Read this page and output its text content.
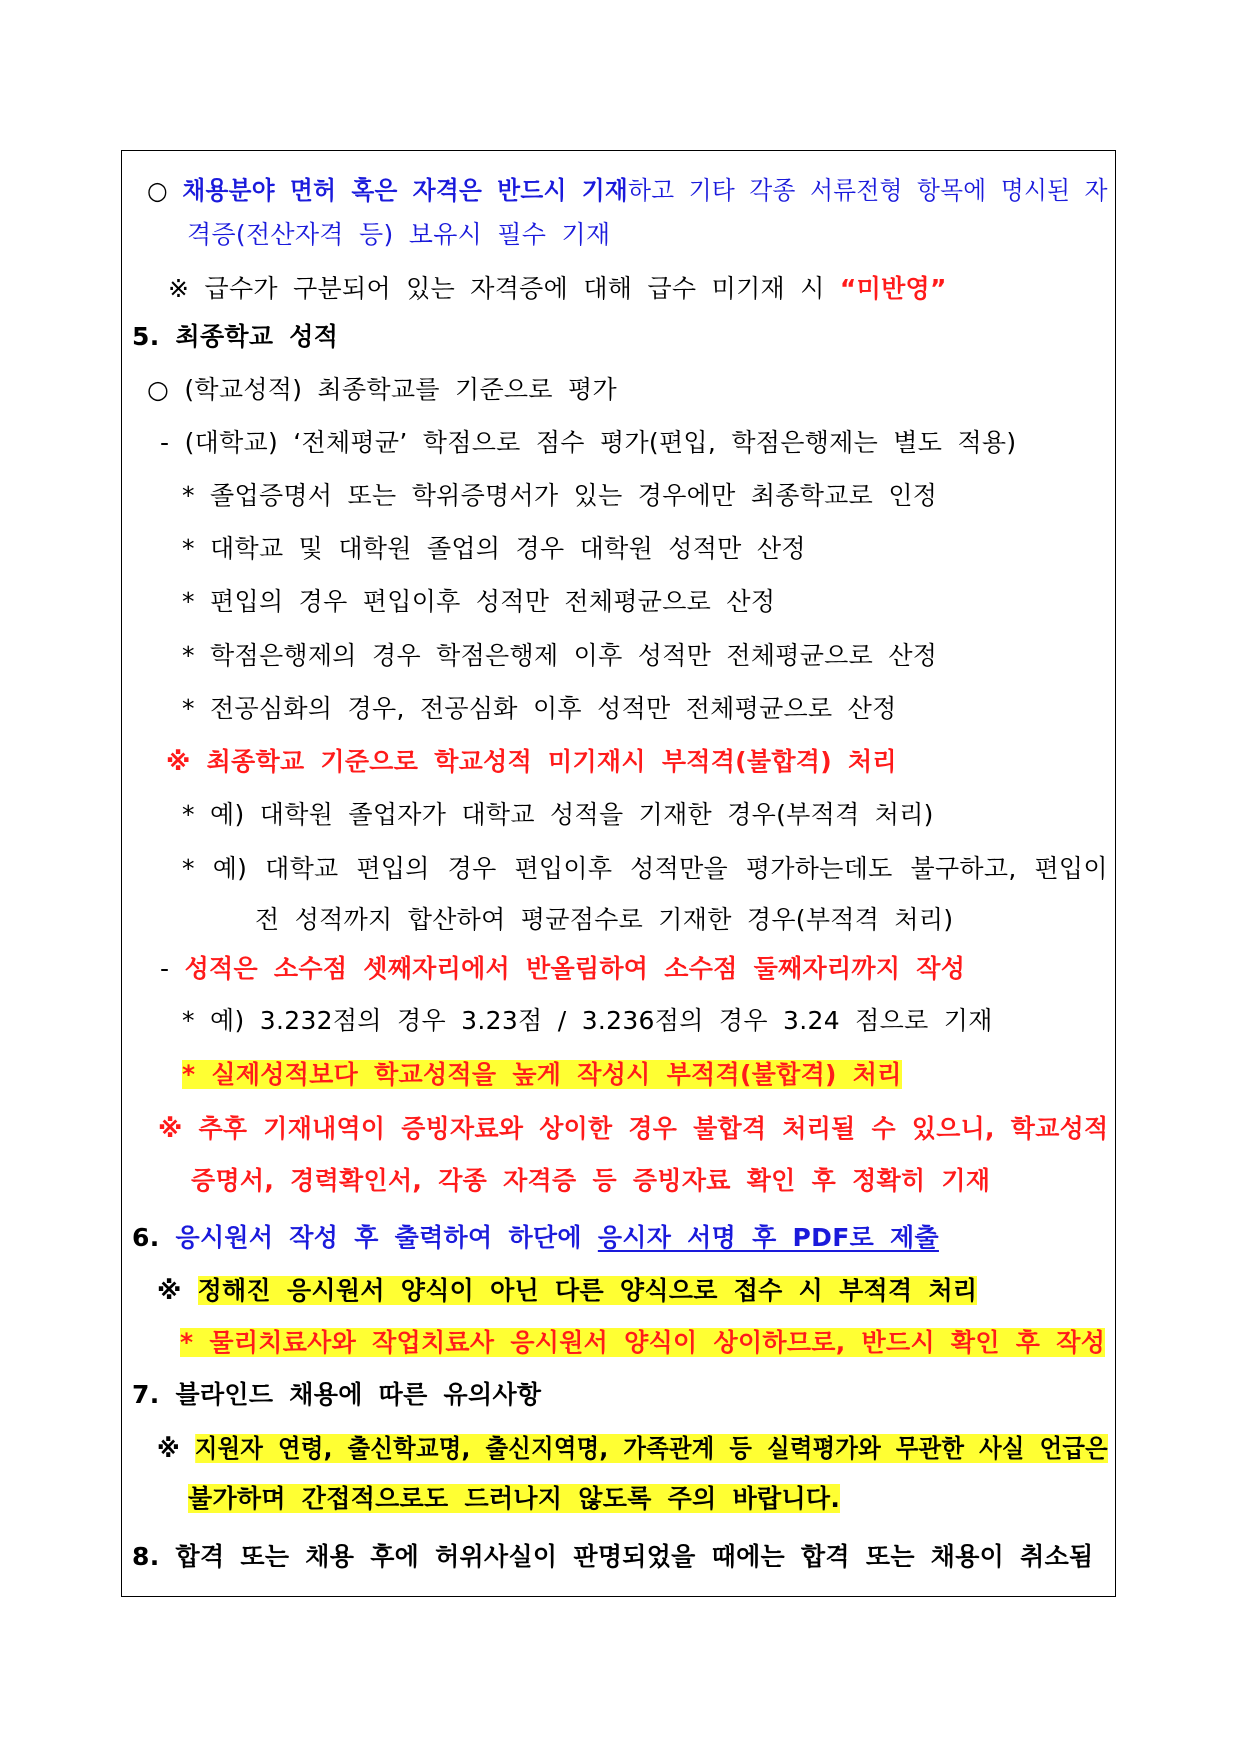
○ 채용분야 면허 혹은 자격은 반드시 기재하고 기타 각종 서류전형 항목에 명시된 자
격증(전산자격 등) 보유시 필수 기재
※ 급수가 구분되어 있는 자격증에 대해 급수 미기재 시 “미반영”
5. 최종학교 성적
○ (학교성적) 최종학교를 기준으로 평가
- (대학교) ‘전체평균’ 학점으로 점수 평가(편입, 학점은행제는 별도 적용)
* 졸업증명서 또는 학위증명서가 있는 경우에만 최종학교로 인정
* 대학교 및 대학원 졸업의 경우 대학원 성적만 산정
* 편입의 경우 편입이후 성적만 전체평균으로 산정
* 학점은행제의 경우 학점은행제 이후 성적만 전체평균으로 산정
* 전공심화의 경우, 전공심화 이후 성적만 전체평균으로 산정
※ 최종학교 기준으로 학교성적 미기재시 부적격(불합격) 처리
* 예) 대학원 졸업자가 대학교 성적을 기재한 경우(부적격 처리)
* 예) 대학교 편입의 경우 편입이후 성적만을 평가하는데도 불구하고, 편입이
전 성적까지 합산하여 평균점수로 기재한 경우(부적격 처리)
- 성적은 소수점 셋째자리에서 반올림하여 소수점 둘째자리까지 작성
* 예) 3.232점의 경우 3.23점 / 3.236점의 경우 3.24 점으로 기재
* 실제성적보다 학교성적을 높게 작성시 부적격(불합격) 처리
※ 추후 기재내역이 증빙자료와 상이한 경우 불합격 처리될 수 있으니, 학교성적
증명서, 경력확인서, 각종 자격증 등 증빙자료 확인 후 정확히 기재
6. 응시원서 작성 후 출력하여 하단에 응시자 서명 후 PDF로 제출
※ 정해진 응시원서 양식이 아닌 다른 양식으로 접수 시 부적격 처리
* 물리치료사와 작업치료사 응시원서 양식이 상이하므로, 반드시 확인 후 작성
7. 블라인드 채용에 따른 유의사항
※ 지원자 연령, 출신학교명, 출신지역명, 가족관계 등 실력평가와 무관한 사실 언급은
불가하며 간접적으로도 드러나지 않도록 주의 바랍니다.
8. 합격 또는 채용 후에 허위사실이 판명되었을 때에는 합격 또는 채용이 취소됨
